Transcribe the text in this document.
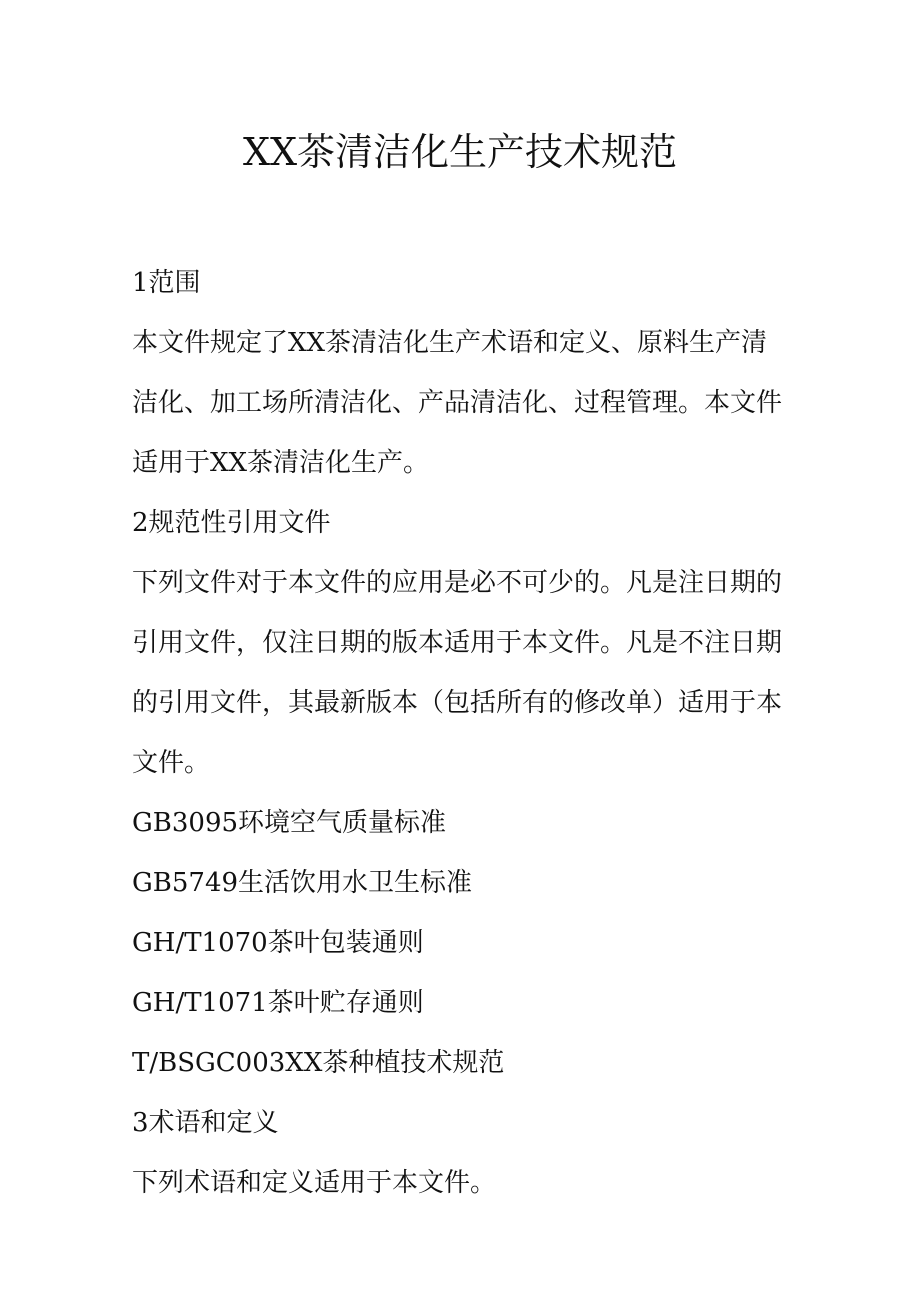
XX茶清洁化生产技术规范

1范围

本文件规定了XX茶清洁化生产术语和定义、原料生产清

洁化、加工场所清洁化、产品清洁化、过程管理。本文件

适用于XX茶清洁化生产。

2规范性引用文件

下列文件对于本文件的应用是必不可少的。凡是注日期的

引用文件，仅注日期的版本适用于本文件。凡是不注日期

的引用文件，其最新版本（包括所有的修改单）适用于本

文件。

GB3095环境空气质量标准

GB5749生活饮用水卫生标准

GH/T1070茶叶包装通则

GH/T1071茶叶贮存通则

T/BSGC003XX茶种植技术规范

3术语和定义

下列术语和定义适用于本文件。
